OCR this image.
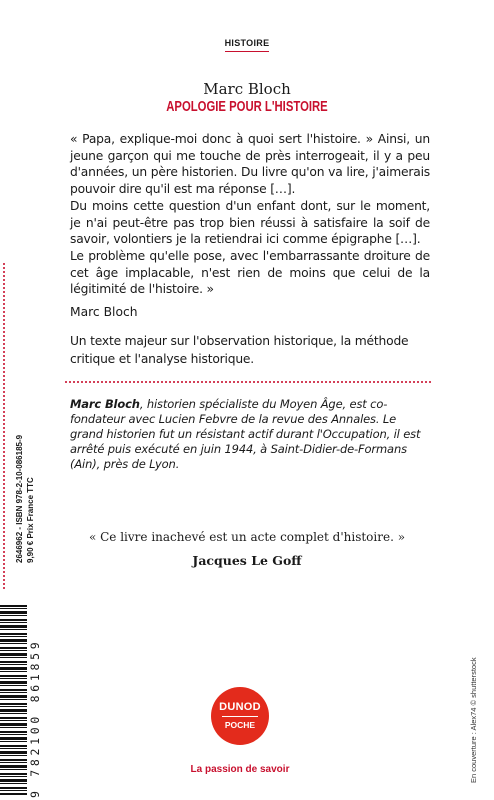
HISTOIRE
Marc Bloch
APOLOGIE POUR L'HISTOIRE

« Papa, explique-moi donc à quoi sert l'histoire. » Ainsi, un jeune garçon qui me touche de près interrogeait, il y a peu d'années, un père historien. Du livre qu'on va lire, j'aimerais pouvoir dire qu'il est ma réponse […].

Du moins cette question d'un enfant dont, sur le moment, je n'ai peut-être pas trop bien réussi à satisfaire la soif de savoir, volontiers je la retiendrai ici comme épigraphe […].

Le problème qu'elle pose, avec l'embarrassante droiture de cet âge implacable, n'est rien de moins que celui de la légitimité de l'histoire. »

Marc Bloch
Un texte majeur sur l'observation historique, la méthode critique et l'analyse historique.
Marc Bloch, historien spécialiste du Moyen Âge, est co-fondateur avec Lucien Febvre de la revue des Annales. Le grand historien fut un résistant actif durant l'Occupation, il est arrêté puis exécuté en juin 1944, à Saint-Didier-de-Formans (Ain), près de Lyon.
« Ce livre inachevé est un acte complet d'histoire. »
Jacques Le Goff
2646962 - ISBN 978-2-10-086185-9 9,90 € Prix France TTC
9 782100 861859	DUNOD
POCHE
La passion de savoir	En couverture : Alex74 © shutterstock
